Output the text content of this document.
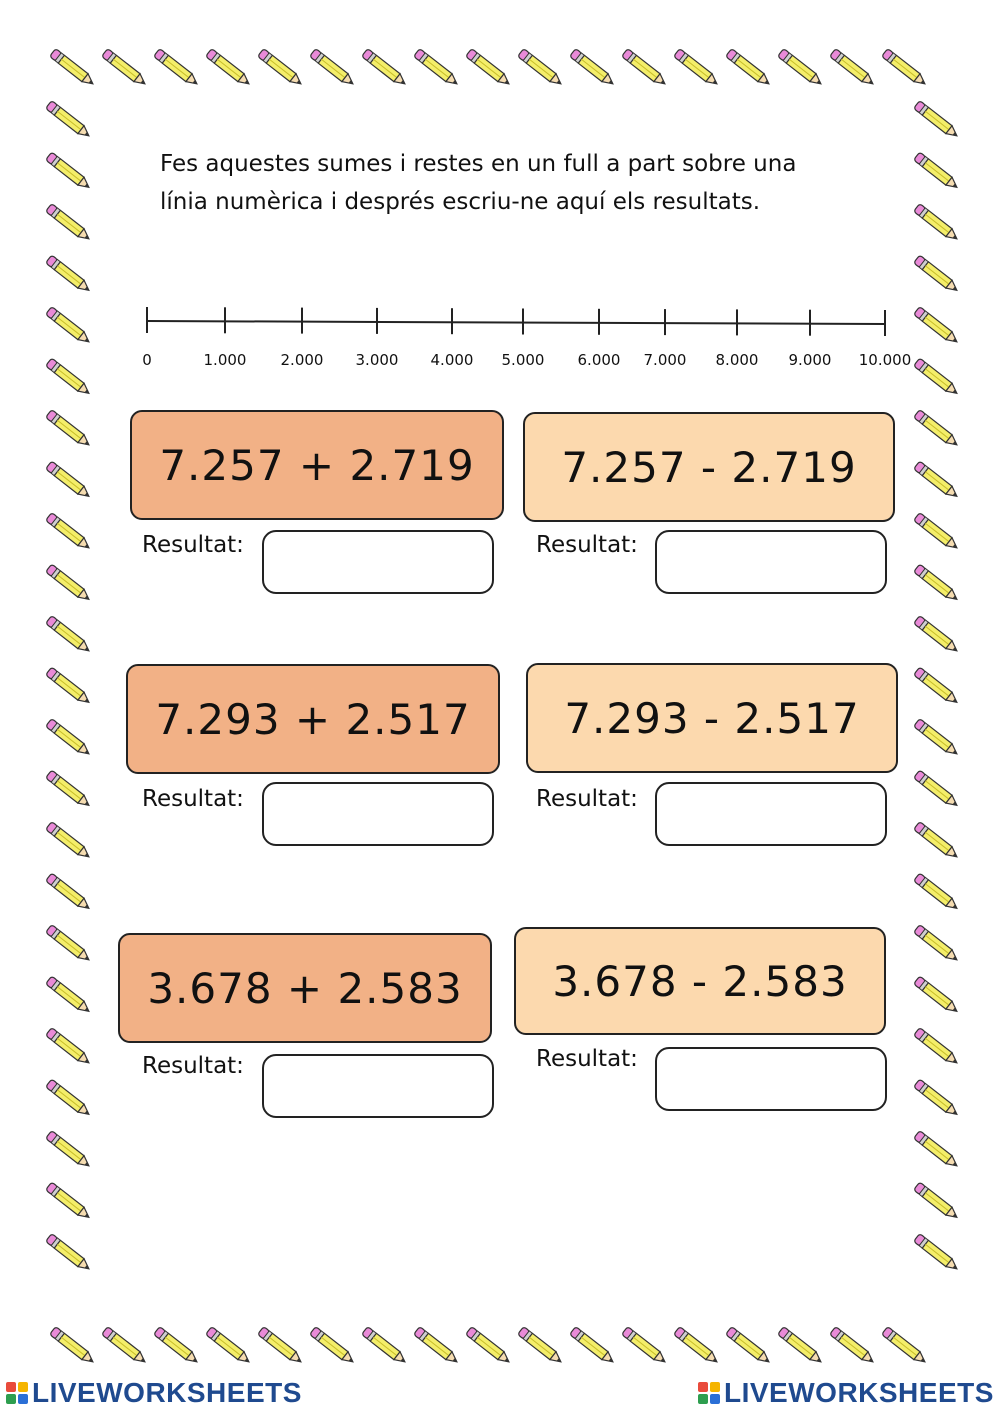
Fes aquestes sumes i restes en un full a part sobre una
línia numèrica i després escriu-ne aquí els resultats.
0	1.000 2.000 3.000 4.000 5.000 6.000 7.000 8.000 9.000 10.000
7.257 + 2.719
Resultat:
7.257 - 2.719
Resultat:
7.293 + 2.517
Resultat:
7.293 - 2.517
Resultat:
3.678 + 2.583
Resultat:
3.678 - 2.583
Resultat:
LIVEWORKSHEETS	LIVEWORKSHEETS
